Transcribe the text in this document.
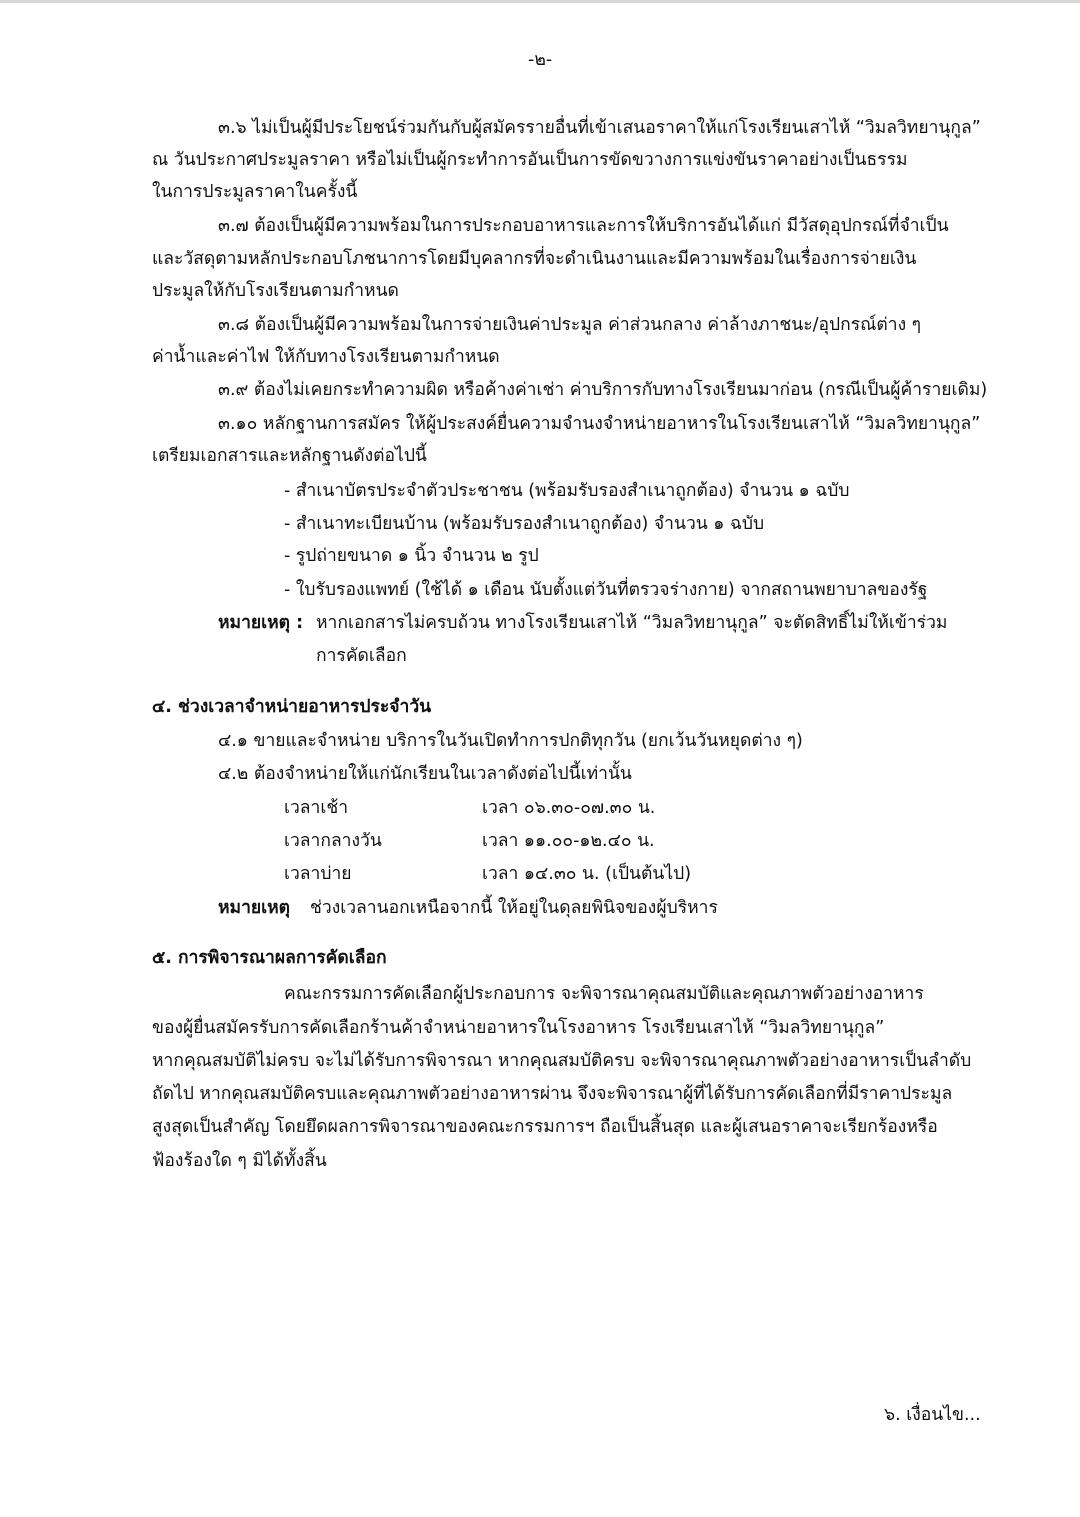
-๒-
๓.๖ ไม่เป็นผู้มีประโยชน์ร่วมกันกับผู้สมัครรายอื่นที่เข้าเสนอราคาให้แก่โรงเรียนเสาไห้ “วิมลวิทยานุกูล”
ณ วันประกาศประมูลราคา หรือไม่เป็นผู้กระทำการอันเป็นการขัดขวางการแข่งขันราคาอย่างเป็นธรรม
ในการประมูลราคาในครั้งนี้
๓.๗ ต้องเป็นผู้มีความพร้อมในการประกอบอาหารและการให้บริการอันได้แก่ มีวัสดุอุปกรณ์ที่จำเป็น
และวัสดุตามหลักประกอบโภชนาการโดยมีบุคลากรที่จะดำเนินงานและมีความพร้อมในเรื่องการจ่ายเงิน
ประมูลให้กับโรงเรียนตามกำหนด
๓.๘ ต้องเป็นผู้มีความพร้อมในการจ่ายเงินค่าประมูล ค่าส่วนกลาง ค่าล้างภาชนะ/อุปกรณ์ต่าง ๆ
ค่าน้ำและค่าไฟ ให้กับทางโรงเรียนตามกำหนด
๓.๙ ต้องไม่เคยกระทำความผิด หรือค้างค่าเช่า ค่าบริการกับทางโรงเรียนมาก่อน (กรณีเป็นผู้ค้ารายเดิม)
๓.๑๐ หลักฐานการสมัคร ให้ผู้ประสงค์ยื่นความจำนงจำหน่ายอาหารในโรงเรียนเสาไห้ “วิมลวิทยานุกูล”
เตรียมเอกสารและหลักฐานดังต่อไปนี้
- สำเนาบัตรประจำตัวประชาชน (พร้อมรับรองสำเนาถูกต้อง) จำนวน ๑ ฉบับ
- สำเนาทะเบียนบ้าน (พร้อมรับรองสำเนาถูกต้อง) จำนวน ๑ ฉบับ
- รูปถ่ายขนาด ๑ นิ้ว จำนวน ๒ รูป
- ใบรับรองแพทย์ (ใช้ได้ ๑ เดือน นับตั้งแต่วันที่ตรวจร่างกาย) จากสถานพยาบาลของรัฐ
หมายเหตุ : หากเอกสารไม่ครบถ้วน ทางโรงเรียนเสาไห้ “วิมลวิทยานุกูล” จะตัดสิทธิ์ไม่ให้เข้าร่วม
การคัดเลือก
๔. ช่วงเวลาจำหน่ายอาหารประจำวัน
๔.๑ ขายและจำหน่าย บริการในวันเปิดทำการปกติทุกวัน (ยกเว้นวันหยุดต่าง ๆ)
๔.๒ ต้องจำหน่ายให้แก่นักเรียนในเวลาดังต่อไปนี้เท่านั้น
เวลาเช้า	เวลา ๐๖.๓๐-๐๗.๓๐ น.
เวลากลางวัน	เวลา ๑๑.๐๐-๑๒.๔๐ น.
เวลาบ่าย	เวลา ๑๔.๓๐ น. (เป็นต้นไป)
หมายเหตุ ช่วงเวลานอกเหนือจากนี้ ให้อยู่ในดุลยพินิจของผู้บริหาร
๕. การพิจารณาผลการคัดเลือก
คณะกรรมการคัดเลือกผู้ประกอบการ จะพิจารณาคุณสมบัติและคุณภาพตัวอย่างอาหาร
ของผู้ยื่นสมัครรับการคัดเลือกร้านค้าจำหน่ายอาหารในโรงอาหาร โรงเรียนเสาไห้ “วิมลวิทยานุกูล”
หากคุณสมบัติไม่ครบ จะไม่ได้รับการพิจารณา หากคุณสมบัติครบ จะพิจารณาคุณภาพตัวอย่างอาหารเป็นลำดับ
ถัดไป หากคุณสมบัติครบและคุณภาพตัวอย่างอาหารผ่าน จึงจะพิจารณาผู้ที่ได้รับการคัดเลือกที่มีราคาประมูล
สูงสุดเป็นสำคัญ โดยยึดผลการพิจารณาของคณะกรรมการฯ ถือเป็นสิ้นสุด และผู้เสนอราคาจะเรียกร้องหรือ
ฟ้องร้องใด ๆ มิได้ทั้งสิ้น
๖. เงื่อนไข...
